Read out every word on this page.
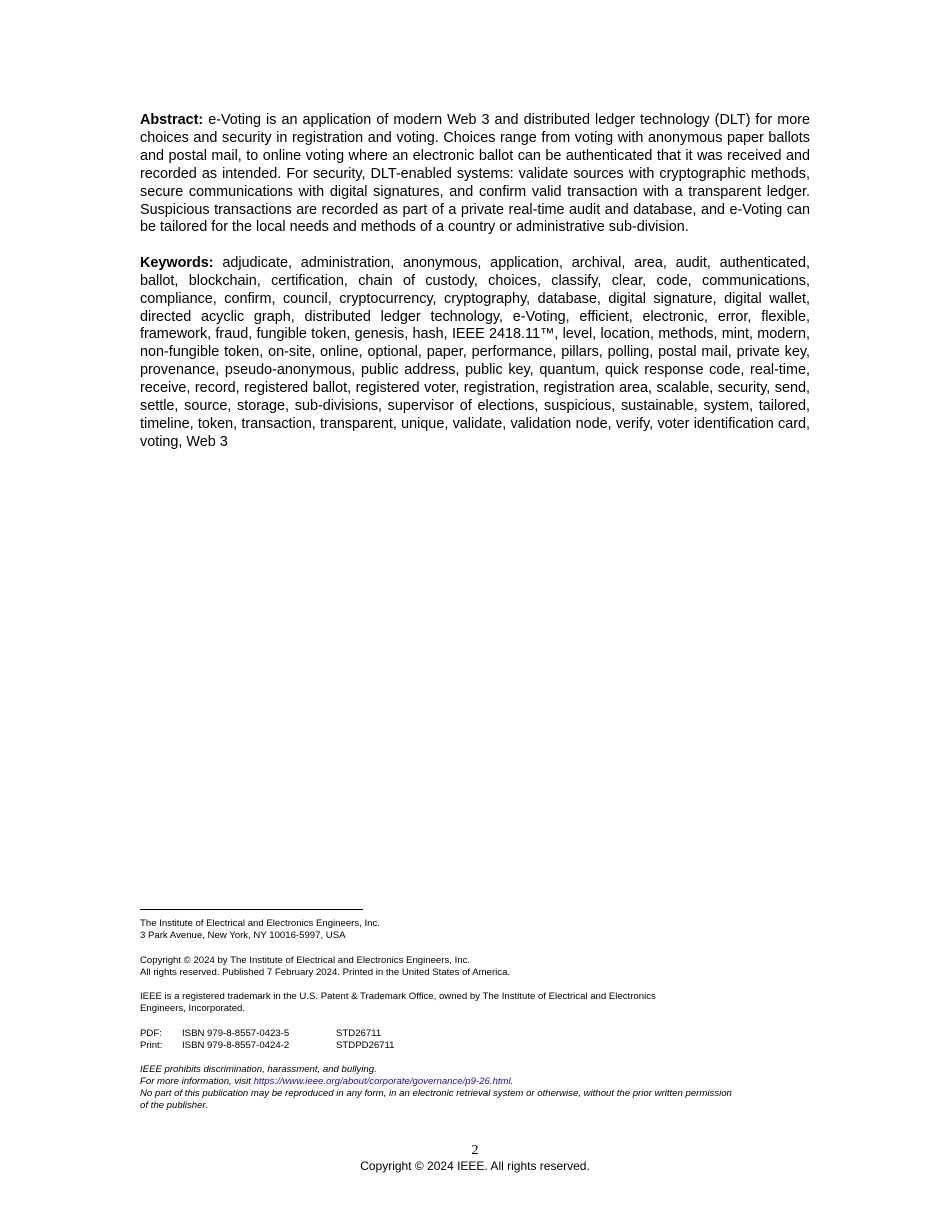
Abstract: e-Voting is an application of modern Web 3 and distributed ledger technology (DLT) for more choices and security in registration and voting. Choices range from voting with anonymous paper ballots and postal mail, to online voting where an electronic ballot can be authenticated that it was received and recorded as intended. For security, DLT-enabled systems: validate sources with cryptographic methods, secure communications with digital signatures, and confirm valid transaction with a transparent ledger. Suspicious transactions are recorded as part of a private real-time audit and database, and e-Voting can be tailored for the local needs and methods of a country or administrative sub-division.

Keywords: adjudicate, administration, anonymous, application, archival, area, audit, authenticated, ballot, blockchain, certification, chain of custody, choices, classify, clear, code, communications, compliance, confirm, council, cryptocurrency, cryptography, database, digital signature, digital wallet, directed acyclic graph, distributed ledger technology, e-Voting, efficient, electronic, error, flexible, framework, fraud, fungible token, genesis, hash, IEEE 2418.11™, level, location, methods, mint, modern, non-fungible token, on-site, online, optional, paper, performance, pillars, polling, postal mail, private key, provenance, pseudo-anonymous, public address, public key, quantum, quick response code, real-time, receive, record, registered ballot, registered voter, registration, registration area, scalable, security, send, settle, source, storage, sub-divisions, supervisor of elections, suspicious, sustainable, system, tailored, timeline, token, transaction, transparent, unique, validate, validation node, verify, voter identification card, voting, Web 3

The Institute of Electrical and Electronics Engineers, Inc.

3 Park Avenue, New York, NY 10016-5997, USA

Copyright © 2024 by The Institute of Electrical and Electronics Engineers, Inc.

All rights reserved. Published 7 February 2024. Printed in the United States of America.

IEEE is a registered trademark in the U.S. Patent & Trademark Office, owned by The Institute of Electrical and Electronics

Engineers, Incorporated.

PDF:	ISBN 979-8-8557-0423-5	STD26711
Print:	ISBN 979-8-8557-0424-2	STDPD26711

IEEE prohibits discrimination, harassment, and bullying.

For more information, visit https://www.ieee.org/about/corporate/governance/p9-26.html.

No part of this publication may be reproduced in any form, in an electronic retrieval system or otherwise, without the prior written permission

of the publisher.

2
Copyright © 2024 IEEE. All rights reserved.
